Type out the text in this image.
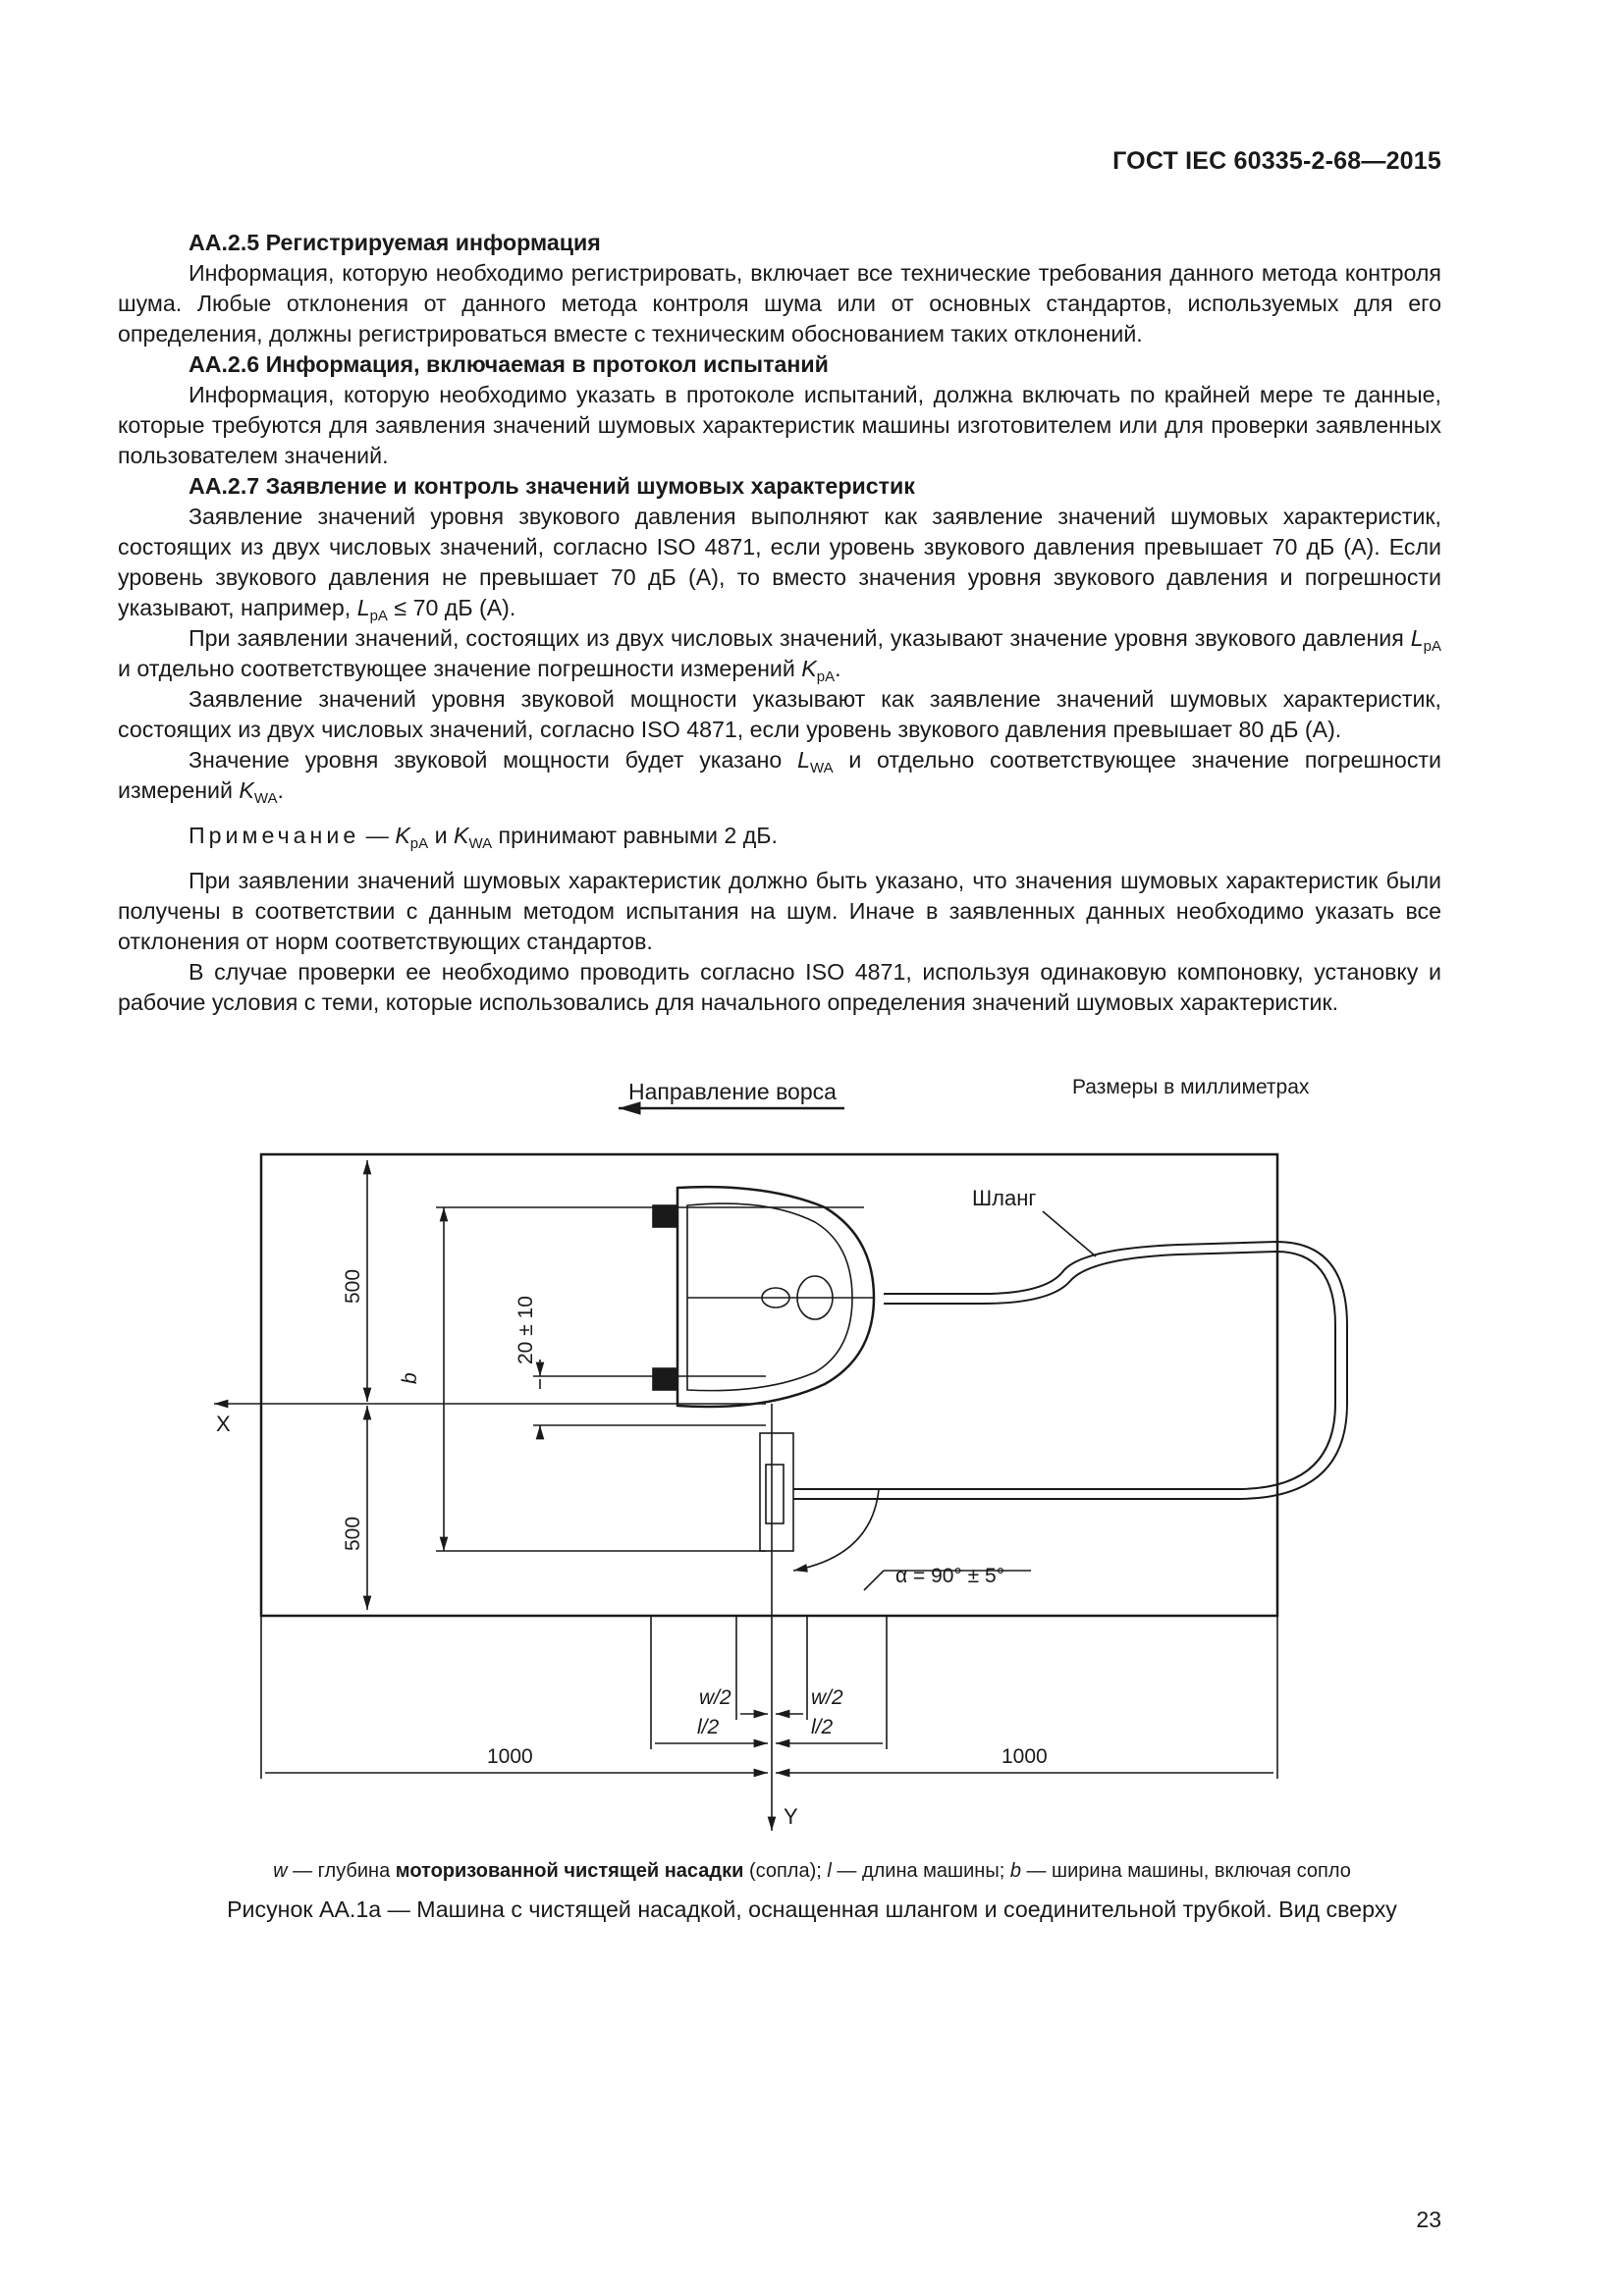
ГОСТ IEC 60335-2-68—2015

АА.2.5 Регистрируемая информация

Информация, которую необходимо регистрировать, включает все технические требования данного метода контроля шума. Любые отклонения от данного метода контроля шума или от основных стандартов, используемых для его определения, должны регистрироваться вместе с техническим обоснованием таких отклонений.

АА.2.6 Информация, включаемая в протокол испытаний

Информация, которую необходимо указать в протоколе испытаний, должна включать по крайней мере те данные, которые требуются для заявления значений шумовых характеристик машины изготовителем или для проверки заявленных пользователем значений.

АА.2.7 Заявление и контроль значений шумовых характеристик

Заявление значений уровня звукового давления выполняют как заявление значений шумовых характеристик, состоящих из двух числовых значений, согласно ISO 4871, если уровень звукового давления превышает 70 дБ (А). Если уровень звукового давления не превышает 70 дБ (А), то вместо значения уровня звукового давления и погрешности указывают, например, $L_{pA} \le 70$ дБ (А).

При заявлении значений, состоящих из двух числовых значений, указывают значение уровня звукового давления $L_{pA}$ и отдельно соответствующее значение погрешности измерений $K_{pA}$.

Заявление значений уровня звуковой мощности указывают как заявление значений шумовых характеристик, состоящих из двух числовых значений, согласно ISO 4871, если уровень звукового давления превышает 80 дБ (А).

Значение уровня звуковой мощности будет указано $L_{WA}$ и отдельно соответствующее значение погрешности измерений $K_{WA}$.

Примечание — $K_{pA}$ и $K_{WA}$ принимают равными 2 дБ.

При заявлении значений шумовых характеристик должно быть указано, что значения шумовых характеристик были получены в соответствии с данным методом испытания на шум. Иначе в заявленных данных необходимо указать все отклонения от норм соответствующих стандартов.

В случае проверки ее необходимо проводить согласно ISO 4871, используя одинаковую компоновку, установку и рабочие условия с теми, которые использовались для начального определения значений шумовых характеристик.

Направление ворса	Размеры в миллиметрах
Шланг
500
500
b
20 ± 10
X
Y
α = 90° ± 5°
w/2	w/2
l/2	l/2
1000	1000
w — глубина моторизованной чистящей насадки (сопла); l — длина машины; b — ширина машины, включая сопло
Рисунок АА.1а — Машина с чистящей насадкой, оснащенная шлангом и соединительной трубкой. Вид сверху
23
